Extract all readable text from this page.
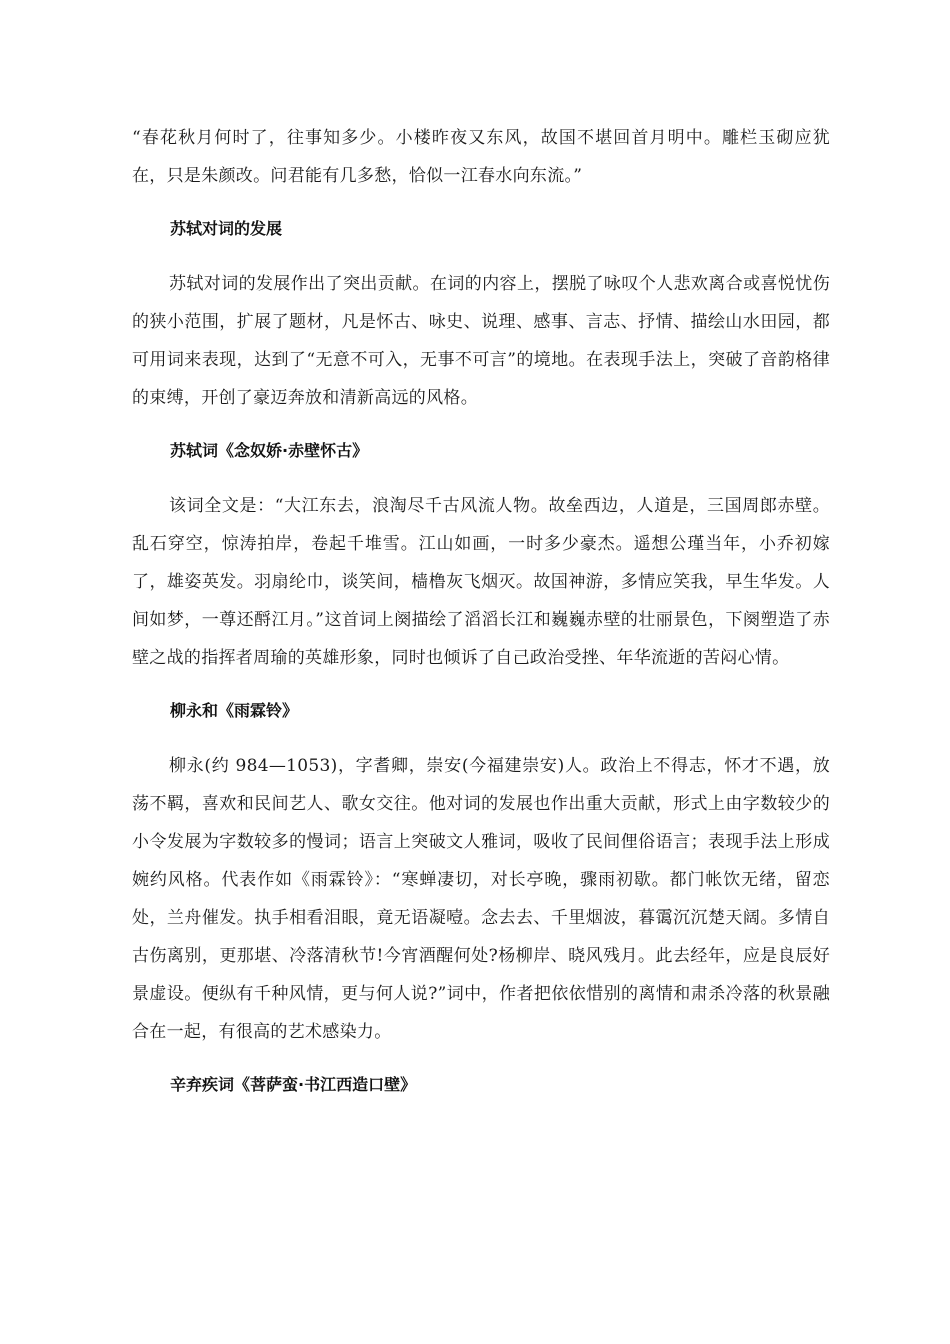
“春花秋月何时了，往事知多少。小楼昨夜又东风，故国不堪回首月明中。雕栏玉砌应犹在，只是朱颜改。问君能有几多愁，恰似一江春水向东流。”

苏轼对词的发展

苏轼对词的发展作出了突出贡献。在词的内容上，摆脱了咏叹个人悲欢离合或喜悦忧伤的狭小范围，扩展了题材，凡是怀古、咏史、说理、感事、言志、抒情、描绘山水田园，都可用词来表现，达到了“无意不可入，无事不可言”的境地。在表现手法上，突破了音韵格律的束缚，开创了豪迈奔放和清新高远的风格。

苏轼词《念奴娇·赤壁怀古》

该词全文是：“大江东去，浪淘尽千古风流人物。故垒西边，人道是，三国周郎赤壁。乱石穿空，惊涛拍岸，卷起千堆雪。江山如画，一时多少豪杰。遥想公瑾当年，小乔初嫁了，雄姿英发。羽扇纶巾，谈笑间，樯橹灰飞烟灭。故国神游，多情应笑我，早生华发。人间如梦，一尊还酹江月。”这首词上阕描绘了滔滔长江和巍巍赤壁的壮丽景色，下阕塑造了赤壁之战的指挥者周瑜的英雄形象，同时也倾诉了自己政治受挫、年华流逝的苦闷心情。

柳永和《雨霖铃》

柳永(约 984—1053)，字耆卿，崇安(今福建崇安)人。政治上不得志，怀才不遇，放荡不羁，喜欢和民间艺人、歌女交往。他对词的发展也作出重大贡献，形式上由字数较少的小令发展为字数较多的慢词；语言上突破文人雅词，吸收了民间俚俗语言；表现手法上形成婉约风格。代表作如《雨霖铃》：“寒蝉凄切，对长亭晚，骤雨初歇。都门帐饮无绪，留恋处，兰舟催发。执手相看泪眼，竟无语凝噎。念去去、千里烟波，暮霭沉沉楚天阔。多情自古伤离别，更那堪、冷落清秋节!今宵酒醒何处?杨柳岸、晓风残月。此去经年，应是良辰好景虚设。便纵有千种风情，更与何人说?”词中，作者把依依惜别的离情和肃杀冷落的秋景融合在一起，有很高的艺术感染力。

辛弃疾词《菩萨蛮·书江西造口壁》
